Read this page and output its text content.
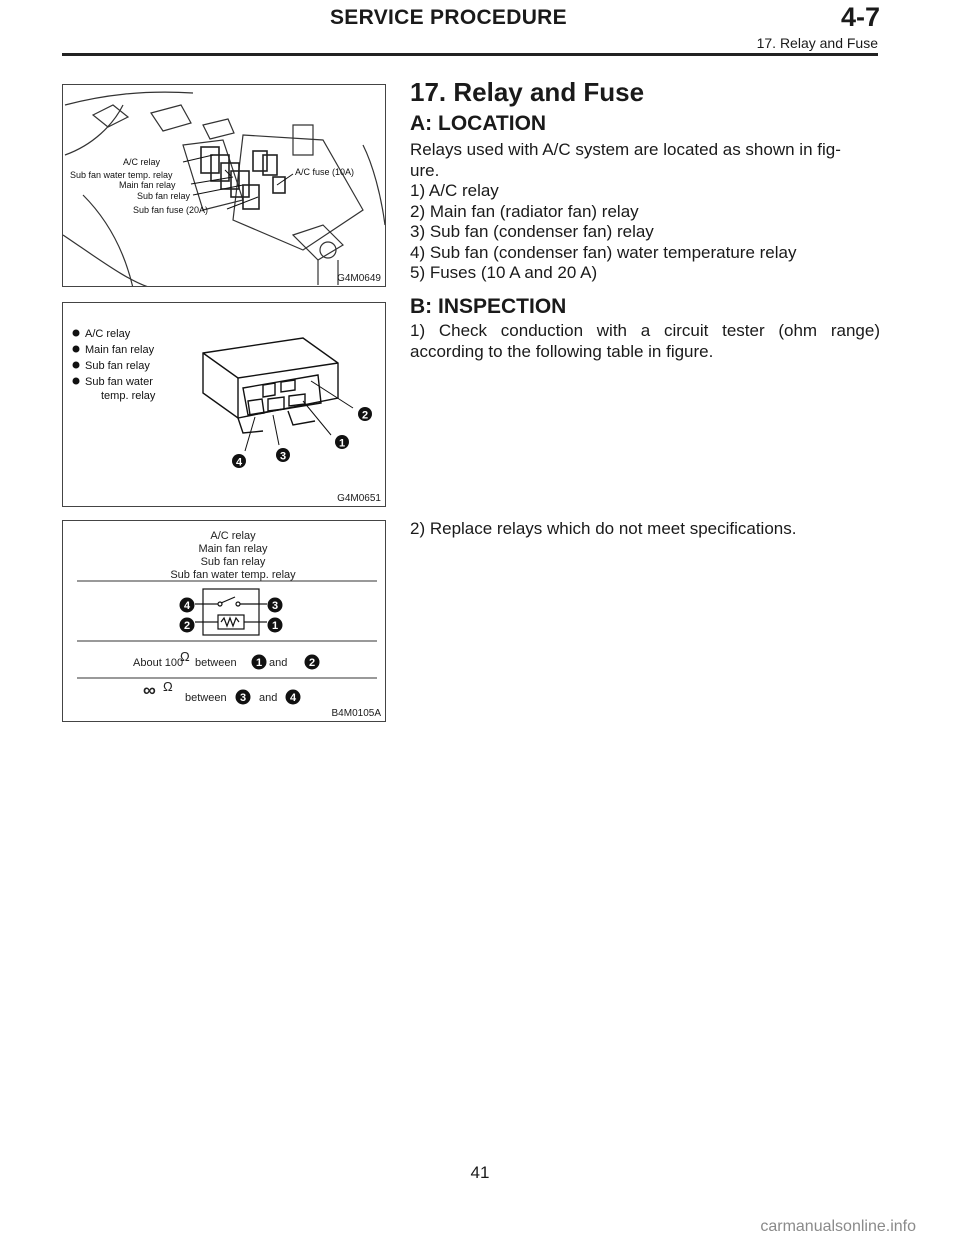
SERVICE PROCEDURE	4-7
17. Relay and Fuse
A/C relay
Sub fan water temp. relay
Main fan relay
Sub fan relay
Sub fan fuse (20A)
A/C fuse (10A)
G4M0649
A/C relay
Main fan relay
Sub fan relay
Sub fan water
temp. relay
2
1
3
4
G4M0651
A/C relay
Main fan relay
Sub fan relay
Sub fan water temp. relay
4	3
2	1
About 100
Ω between	and
1	2
∞ Ω
between	and
3	4
B4M0105A
17. Relay and Fuse
A: LOCATION
Relays used with A/C system are located as shown in fig-
ure.
1) A/C relay
2) Main fan (radiator fan) relay
3) Sub fan (condenser fan) relay
4) Sub fan (condenser fan) water temperature relay
5) Fuses (10 A and 20 A)
B: INSPECTION
1) Check conduction with a circuit tester (ohm range) according to the following table in figure.
2) Replace relays which do not meet specifications.
41
carmanualsonline.info
